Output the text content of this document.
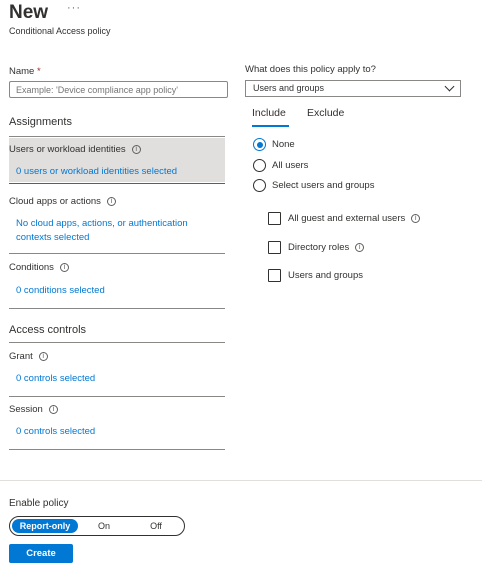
New ···
Conditional Access policy
Name *
Example: 'Device compliance app policy'
Assignments
Users or workload identities	i
0 users or workload identities selected
Cloud apps or actions	i
No cloud apps, actions, or authentication contexts selected
Conditions	i
0 conditions selected
Access controls
Grant	i
0 controls selected
Session	i
0 controls selected
What does this policy apply to?
Users and groups
Include Exclude
None
All users
Select users and groups
All guest and external users	i
Directory roles	i
Users and groups
Enable policy
Report-only	On	Off
Create
